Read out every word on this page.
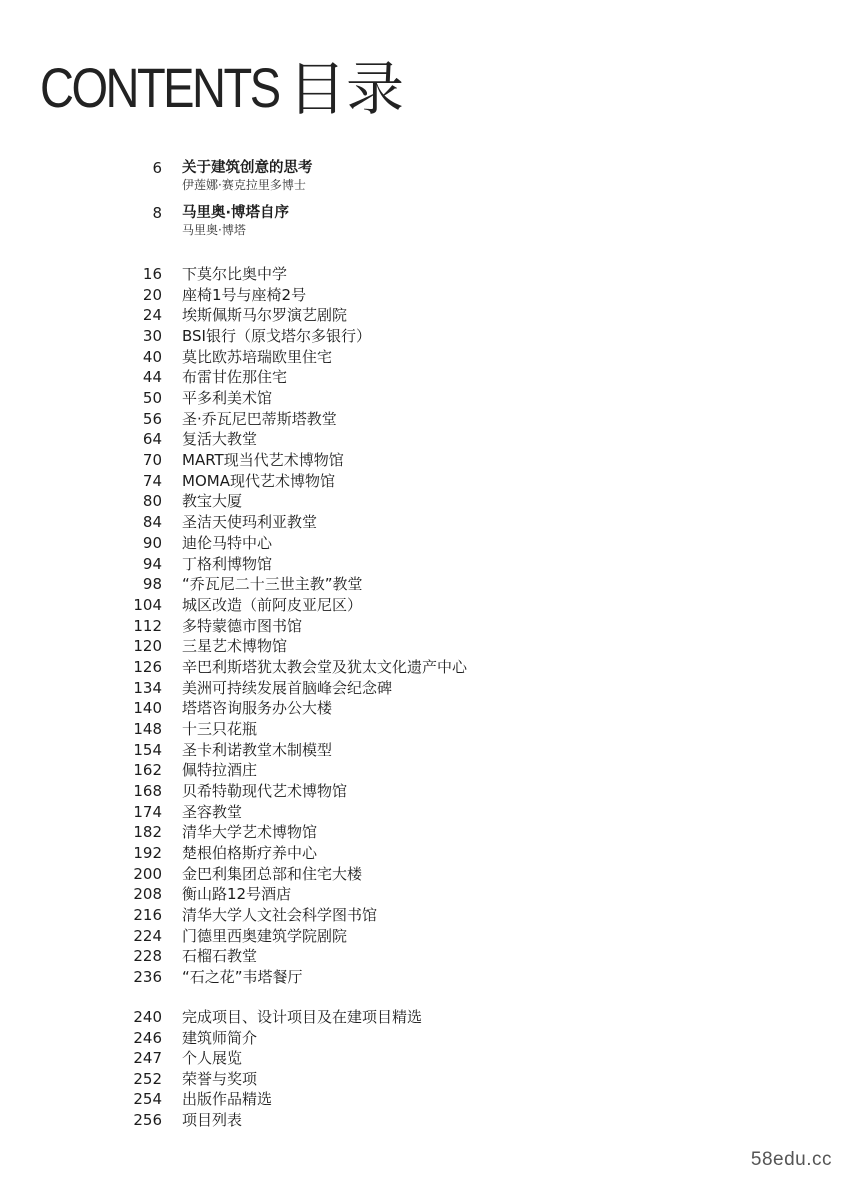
CONTENTS 目录
6 关于建筑创意的思考
伊莲娜·赛克拉里多博士
8 马里奥·博塔自序
马里奥·博塔
16 下莫尔比奥中学
20 座椅1号与座椅2号
24 埃斯佩斯马尔罗演艺剧院
30 BSI银行（原戈塔尔多银行）
40 莫比欧苏培瑞欧里住宅
44 布雷甘佐那住宅
50 平多利美术馆
56 圣·乔瓦尼巴蒂斯塔教堂
64 复活大教堂
70 MART现当代艺术博物馆
74 MOMA现代艺术博物馆
80 教宝大厦
84 圣洁天使玛利亚教堂
90 迪伦马特中心
94 丁格利博物馆
98 “乔瓦尼二十三世主教”教堂
104 城区改造（前阿皮亚尼区）
112 多特蒙德市图书馆
120 三星艺术博物馆
126 辛巴利斯塔犹太教会堂及犹太文化遗产中心
134 美洲可持续发展首脑峰会纪念碑
140 塔塔咨询服务办公大楼
148 十三只花瓶
154 圣卡利诺教堂木制模型
162 佩特拉酒庄
168 贝希特勒现代艺术博物馆
174 圣容教堂
182 清华大学艺术博物馆
192 楚根伯格斯疗养中心
200 金巴利集团总部和住宅大楼
208 衡山路12号酒店
216 清华大学人文社会科学图书馆
224 门德里西奥建筑学院剧院
228 石榴石教堂
236 “石之花”韦塔餐厅
240 完成项目、设计项目及在建项目精选
246 建筑师简介
247 个人展览
252 荣誉与奖项
254 出版作品精选
256 项目列表
58edu.cc
